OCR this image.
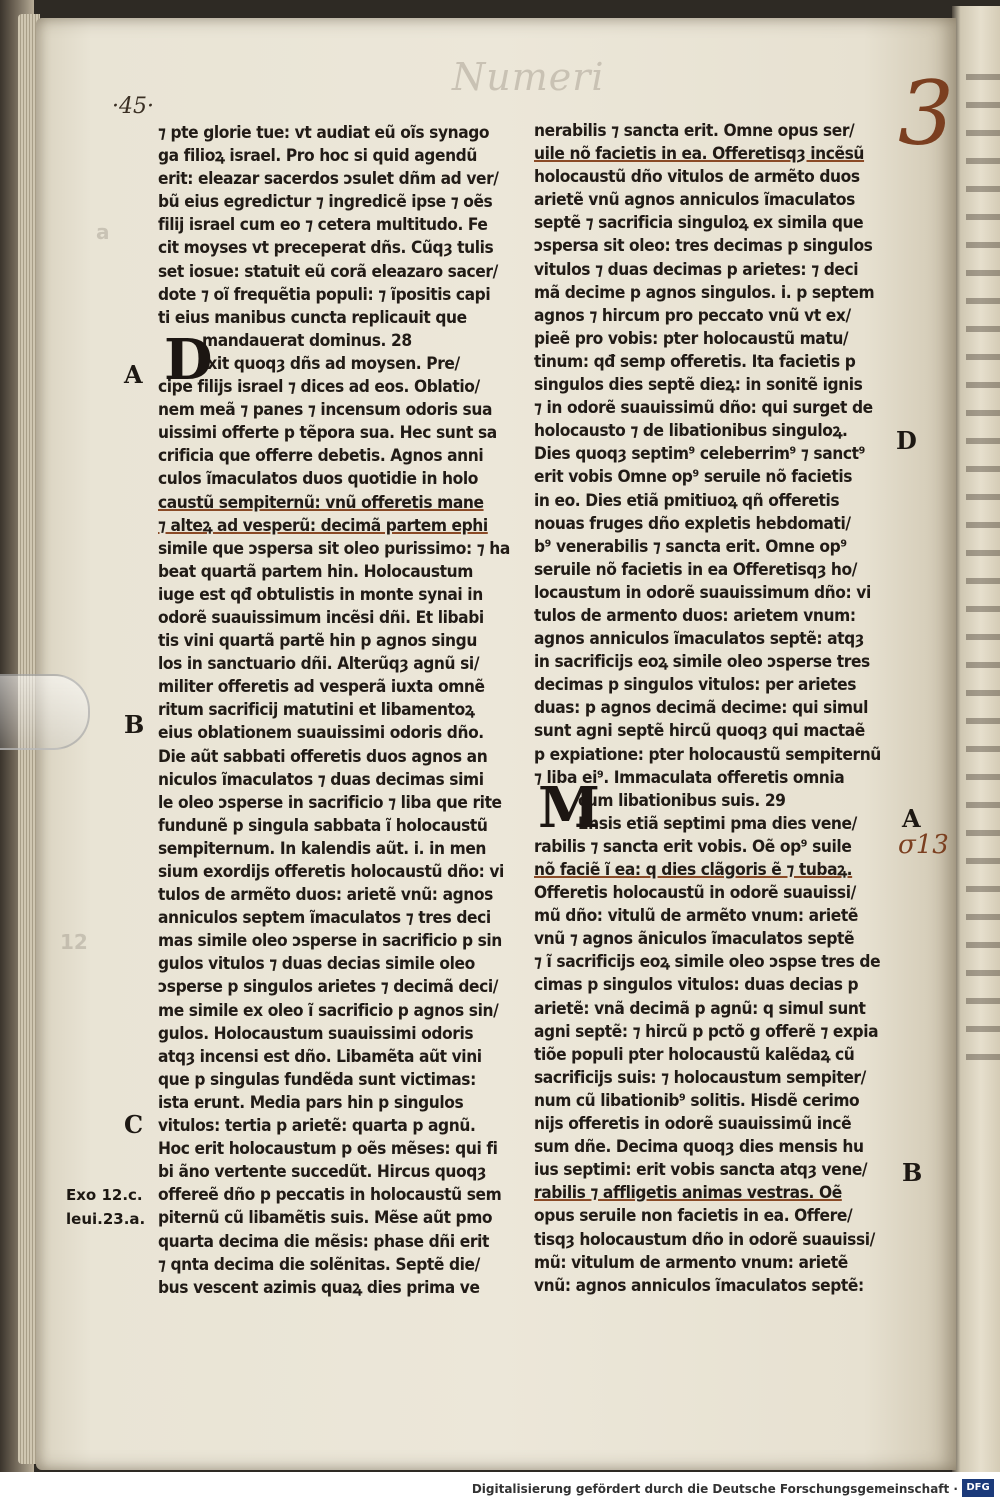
Numeri
·45·
a
12
⁊ pte glorie tue: vt audiat eũ oĩs synago
ga filioꝝ israel. Pro hoc si quid agendũ
erit: eleazar sacerdos ↄsulet dñm ad ver/
bũ eius egredictur ⁊ ingredicẽ ipse ⁊ oẽs
filij israel cum eo ⁊ cetera multitudo. Fe
cit moyses vt preceperat dñs. Cũqȝ tulis
set iosue: statuit eũ corã eleazaro sacer/
dote ⁊ oĩ frequẽtia populi: ⁊ ĩpositis capi
ti eius manibus cuncta replicauit que
mandauerat dominus. 28
Ixit quoqȝ dñs ad moysen. Pre/
cipe filijs israel ⁊ dices ad eos. Oblatio/
nem meã ⁊ panes ⁊ incensum odoris sua
uissimi offerte p tẽpora sua. Hec sunt sa
crificia que offerre debetis. Agnos anni
culos ĩmaculatos duos quotidie in holo
caustũ sempiternũ: vnũ offeretis mane
⁊ alteꝝ ad vesperũ: decimã partem ephi
simile que ↄspersa sit oleo purissimo: ⁊ ha
beat quartã partem hin. Holocaustum
iuge est qđ obtulistis in monte synai in
odorẽ suauissimum incẽsi dñi. Et libabi
tis vini quartã partẽ hin p agnos singu
los in sanctuario dñi. Alterũqȝ agnũ si/
militer offeretis ad vesperã iuxta omnẽ
ritum sacrificij matutini et libamentoꝝ
eius oblationem suauissimi odoris dño.
Die aũt sabbati offeretis duos agnos an
niculos ĩmaculatos ⁊ duas decimas simi
le oleo ↄsperse in sacrificio ⁊ liba que rite
fundunẽ p singula sabbata ĩ holocaustũ
sempiternum. In kalendis aũt. i. in men
sium exordijs offeretis holocaustũ dño: vi
tulos de armẽto duos: arietẽ vnũ: agnos
anniculos septem ĩmaculatos ⁊ tres deci
mas simile oleo ↄsperse in sacrificio p sin
gulos vitulos ⁊ duas decias simile oleo
ↄsperse p singulos arietes ⁊ decimã deci/
me simile ex oleo ĩ sacrificio p agnos sin/
gulos. Holocaustum suauissimi odoris
atqȝ incensi est dño. Libamẽta aũt vini
que p singulas fundẽda sunt victimas:
ista erunt. Media pars hin p singulos
vitulos: tertia p arietẽ: quarta p agnũ.
Hoc erit holocaustum p oẽs mẽses: qui fi
bi ãno vertente succedũt. Hircus quoqȝ
offereẽ dño p peccatis in holocaustũ sem
piternũ cũ libamẽtis suis. Mẽse aũt pmo
quarta decima die mẽsis: phase dñi erit
⁊ qnta decima die solẽnitas. Septẽ die/
bus vescent azimis quaꝝ dies prima ve
nerabilis ⁊ sancta erit. Omne opus ser/
uile nõ facietis in ea. Offeretisqȝ incẽsũ
holocaustũ dño vitulos de armẽto duos
arietẽ vnũ agnos anniculos ĩmaculatos
septẽ ⁊ sacrificia singuloꝝ ex simila que
ↄspersa sit oleo: tres decimas p singulos
vitulos ⁊ duas decimas p arietes: ⁊ deci
mã decime p agnos singulos. i. p septem
agnos ⁊ hircum pro peccato vnũ vt ex/
pieẽ pro vobis: pter holocaustũ matu/
tinum: qđ semp offeretis. Ita facietis p
singulos dies septẽ dieꝝ: in sonitẽ ignis
⁊ in odorẽ suauissimũ dño: qui surget de
holocausto ⁊ de libationibus singuloꝝ.
Dies quoqȝ septim⁹ celeberrim⁹ ⁊ sanct⁹
erit vobis Omne op⁹ seruile nõ facietis
in eo. Dies etiã pmitiuoꝝ qñ offeretis
nouas fruges dño expletis hebdomati/
b⁹ venerabilis ⁊ sancta erit. Omne op⁹
seruile nõ facietis in ea Offeretisqȝ ho/
locaustum in odorẽ suauissimum dño: vi
tulos de armento duos: arietem vnum:
agnos anniculos ĩmaculatos septẽ: atqȝ
in sacrificijs eoꝝ simile oleo ↄsperse tres
decimas p singulos vitulos: per arietes
duas: p agnos decimã decime: qui simul
sunt agni septẽ hircũ quoqȝ qui mactaẽ
p expiatione: pter holocaustũ sempiternũ
⁊ liba ei⁹. Immaculata offeretis omnia
cum libationibus suis. 29
Ensis etiã septimi pma dies vene/
rabilis ⁊ sancta erit vobis. Oẽ op⁹ suile
nõ faciẽ ĩ ea: q dies clãgoris ẽ ⁊ tubaꝝ.
Offeretis holocaustũ in odorẽ suauissi/
mũ dño: vitulũ de armẽto vnum: arietẽ
vnũ ⁊ agnos ãniculos ĩmaculatos septẽ
⁊ ĩ sacrificijs eoꝝ simile oleo ↄspse tres de
cimas p singulos vitulos: duas decias p
arietẽ: vnã decimã p agnũ: q simul sunt
agni septẽ: ⁊ hircũ p pctõ g offerẽ ⁊ expia
tiõe populi pter holocaustũ kalẽdaꝝ cũ
sacrificijs suis: ⁊ holocaustum sempiter/
num cũ libationib⁹ solitis. Hisdẽ cerimo
nijs offeretis in odorẽ suauissimũ incẽ
sum dñe. Decima quoqȝ dies mensis hu
ius septimi: erit vobis sancta atqȝ vene/
rabilis ⁊ affligetis animas vestras. Oẽ
opus seruile non facietis in ea. Offere/
tisqȝ holocaustum dño in odorẽ suauissi/
mũ: vitulum de armento vnum: arietẽ
vnũ: agnos anniculos ĩmaculatos septẽ:
D
M
A
B
C
D
A
B
Exo 12.c.
leui.23.a.
3
σ13
Digitalisierung gefördert durch die Deutsche Forschungsgemeinschaft · DFG
